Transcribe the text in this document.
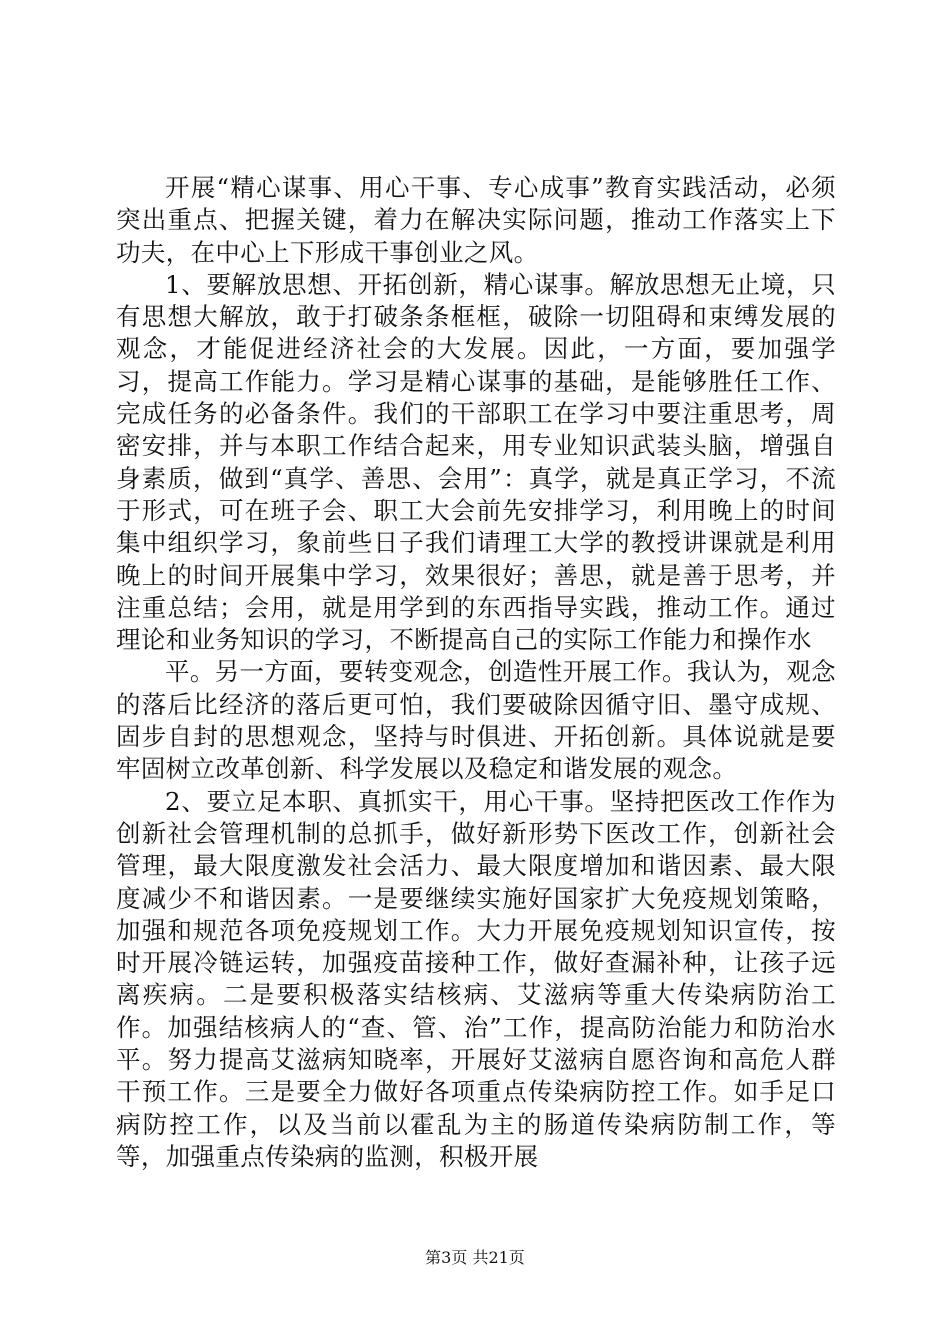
开展“精心谋事、用心干事、专心成事”教育实践活动，必须突出重点、把握关键，着力在解决实际问题，推动工作落实上下功夫，在中心上下形成干事创业之风。

1、要解放思想、开拓创新，精心谋事。解放思想无止境，只有思想大解放，敢于打破条条框框，破除一切阻碍和束缚发展的观念，才能促进经济社会的大发展。因此，一方面，要加强学习，提高工作能力。学习是精心谋事的基础，是能够胜任工作、完成任务的必备条件。我们的干部职工在学习中要注重思考，周密安排，并与本职工作结合起来，用专业知识武装头脑，增强自身素质，做到“真学、善思、会用”：真学，就是真正学习，不流于形式，可在班子会、职工大会前先安排学习，利用晚上的时间集中组织学习，象前些日子我们请理工大学的教授讲课就是利用晚上的时间开展集中学习，效果很好；善思，就是善于思考，并注重总结；会用，就是用学到的东西指导实践，推动工作。通过理论和业务知识的学习，不断提高自己的实际工作能力和操作水

平。另一方面，要转变观念，创造性开展工作。我认为，观念的落后比经济的落后更可怕，我们要破除因循守旧、墨守成规、固步自封的思想观念，坚持与时俱进、开拓创新。具体说就是要牢固树立改革创新、科学发展以及稳定和谐发展的观念。

2、要立足本职、真抓实干，用心干事。坚持把医改工作作为创新社会管理机制的总抓手，做好新形势下医改工作，创新社会管理，最大限度激发社会活力、最大限度增加和谐因素、最大限度减少不和谐因素。一是要继续实施好国家扩大免疫规划策略，加强和规范各项免疫规划工作。大力开展免疫规划知识宣传，按时开展冷链运转，加强疫苗接种工作，做好查漏补种，让孩子远离疾病。二是要积极落实结核病、艾滋病等重大传染病防治工作。加强结核病人的“查、管、治”工作，提高防治能力和防治水平。努力提高艾滋病知晓率，开展好艾滋病自愿咨询和高危人群干预工作。三是要全力做好各项重点传染病防控工作。如手足口病防控工作，以及当前以霍乱为主的肠道传染病防制工作，等等，加强重点传染病的监测，积极开展

第3页 共21页
